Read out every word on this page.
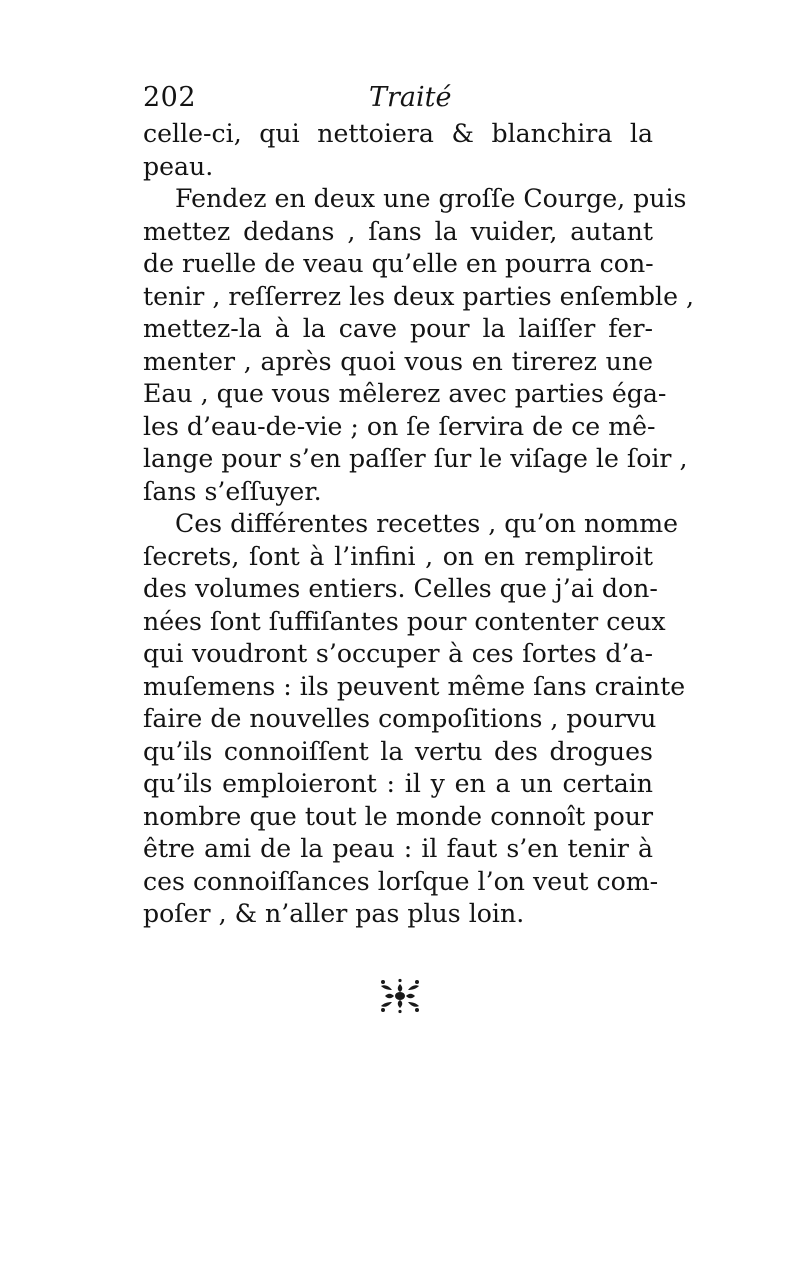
202	Traité
celle-ci, qui nettoiera & blanchira la
peau.
Fendez en deux une groſſe Courge, puis
mettez dedans , ſans la vuider, autant
de ruelle de veau qu’elle en pourra con-
tenir , reſſerrez les deux parties enſemble ,
mettez-la à la cave pour la laiſſer fer-
menter , après quoi vous en tirerez une
Eau , que vous mêlerez avec parties éga-
les d’eau-de-vie ; on ſe ſervira de ce mê-
lange pour s’en paſſer ſur le viſage le ſoir ,
ſans s’eſſuyer.
Ces différentes recettes , qu’on nomme
ſecrets, ſont à l’infini , on en rempliroit
des volumes entiers. Celles que j’ai don-
nées ſont ſuffiſantes pour contenter ceux
qui voudront s’occuper à ces ſortes d’a-
muſemens : ils peuvent même ſans crainte
faire de nouvelles compoſitions , pourvu
qu’ils connoiſſent la vertu des drogues
qu’ils emploieront : il y en a un certain
nombre que tout le monde connoît pour
être ami de la peau : il faut s’en tenir à
ces connoiſſances lorſque l’on veut com-
poſer , & n’aller pas plus loin.
